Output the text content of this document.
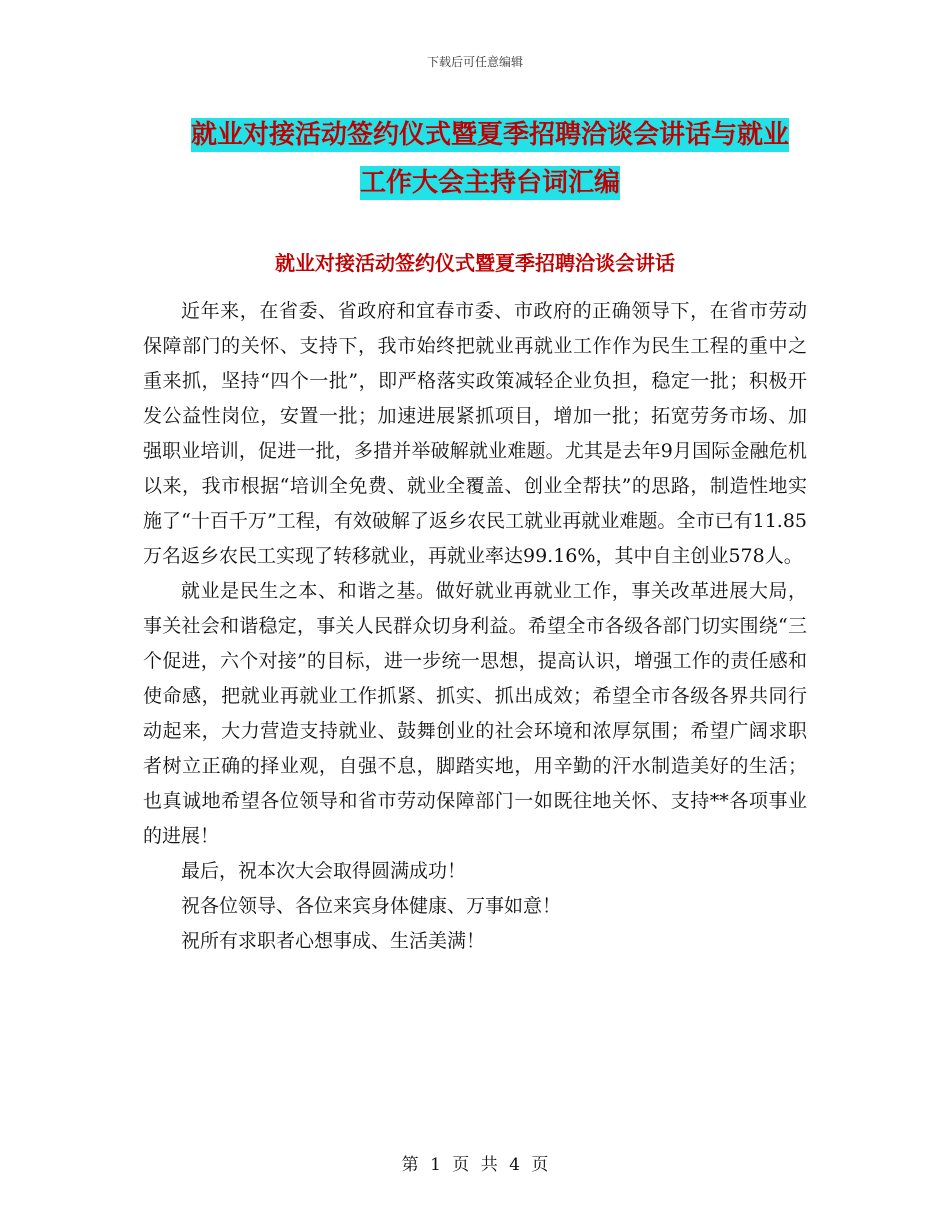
下载后可任意编辑
就业对接活动签约仪式暨夏季招聘洽谈会讲话与就业
工作大会主持台词汇编
就业对接活动签约仪式暨夏季招聘洽谈会讲话

近年来，在省委、省政府和宜春市委、市政府的正确领导下，在省市劳动保障部门的关怀、支持下，我市始终把就业再就业工作作为民生工程的重中之重来抓，坚持“四个一批”，即严格落实政策减轻企业负担，稳定一批；积极开发公益性岗位，安置一批；加速进展紧抓项目，增加一批；拓宽劳务市场、加强职业培训，促进一批，多措并举破解就业难题。尤其是去年9月国际金融危机以来，我市根据“培训全免费、就业全覆盖、创业全帮扶”的思路，制造性地实施了“十百千万”工程，有效破解了返乡农民工就业再就业难题。全市已有11.85万名返乡农民工实现了转移就业，再就业率达99.16%，其中自主创业578人。

就业是民生之本、和谐之基。做好就业再就业工作，事关改革进展大局，事关社会和谐稳定，事关人民群众切身利益。希望全市各级各部门切实围绕“三个促进，六个对接”的目标，进一步统一思想，提高认识，增强工作的责任感和使命感，把就业再就业工作抓紧、抓实、抓出成效；希望全市各级各界共同行动起来，大力营造支持就业、鼓舞创业的社会环境和浓厚氛围；希望广阔求职者树立正确的择业观，自强不息，脚踏实地，用辛勤的汗水制造美好的生活；也真诚地希望各位领导和省市劳动保障部门一如既往地关怀、支持**各项事业的进展！

最后，祝本次大会取得圆满成功！

祝各位领导、各位来宾身体健康、万事如意！

祝所有求职者心想事成、生活美满！

第 1 页 共 4 页
